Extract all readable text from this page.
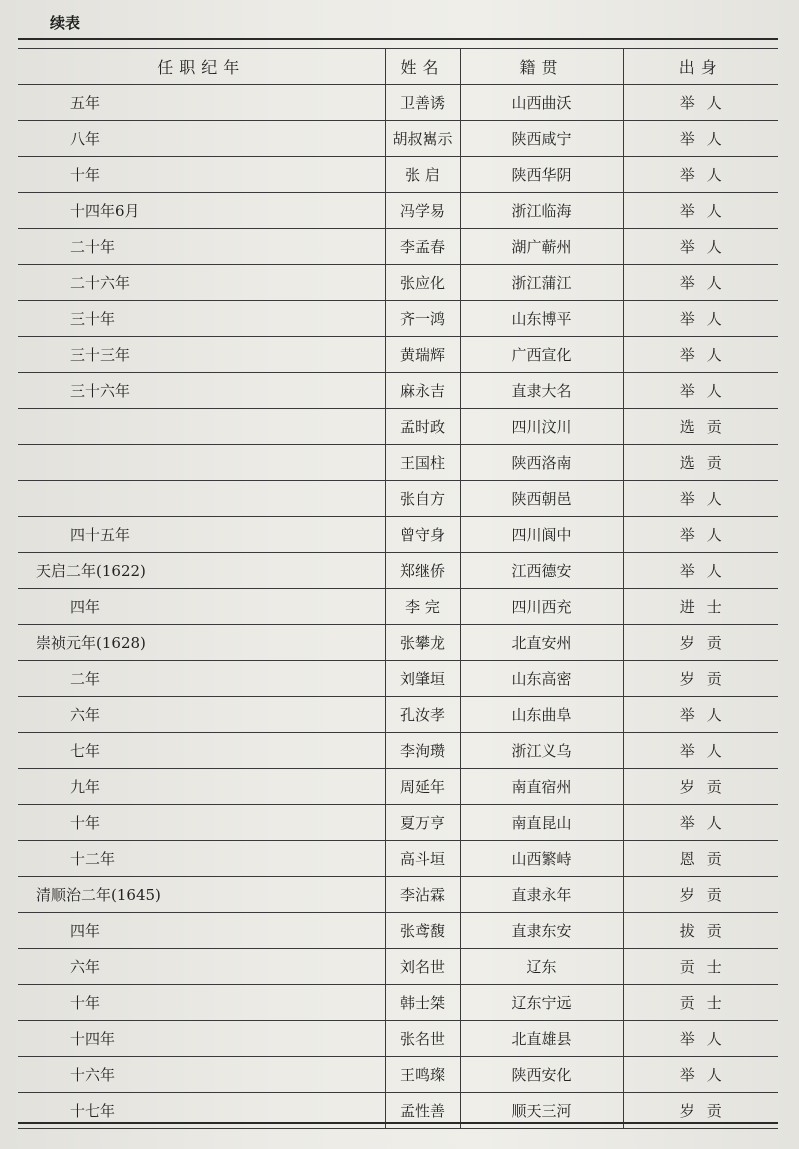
续表
任职纪年	姓名	籍贯	出身
五年	卫善诱	山西曲沃	举人
八年	胡叔嶲示	陕西咸宁	举人
十年	张 启	陕西华阴	举人
十四年6月	冯学易	浙江临海	举人
二十年	李孟春	湖广蕲州	举人
二十六年	张应化	浙江蒲江	举人
三十年	齐一鸿	山东博平	举人
三十三年	黄瑞辉	广西宣化	举人
三十六年	麻永吉	直隶大名	举人
	孟时政	四川汶川	选贡
	王国柱	陕西洛南	选贡
	张自方	陕西朝邑	举人
四十五年	曾守身	四川阆中	举人
天启二年(1622)	郑继侨	江西德安	举人
四年	李 完	四川西充	进士
崇祯元年(1628)	张攀龙	北直安州	岁贡
二年	刘肇垣	山东高密	岁贡
六年	孔汝孝	山东曲阜	举人
七年	李洵瓒	浙江义乌	举人
九年	周延年	南直宿州	岁贡
十年	夏万亨	南直昆山	举人
十二年	高斗垣	山西繁峙	恩贡
清顺治二年(1645)	李沾霖	直隶永年	岁贡
四年	张鸢馥	直隶东安	拔贡
六年	刘名世	辽东	贡士
十年	韩士桀	辽东宁远	贡士
十四年	张名世	北直雄县	举人
十六年	王鸣璨	陕西安化	举人
十七年	孟性善	顺天三河	岁贡
